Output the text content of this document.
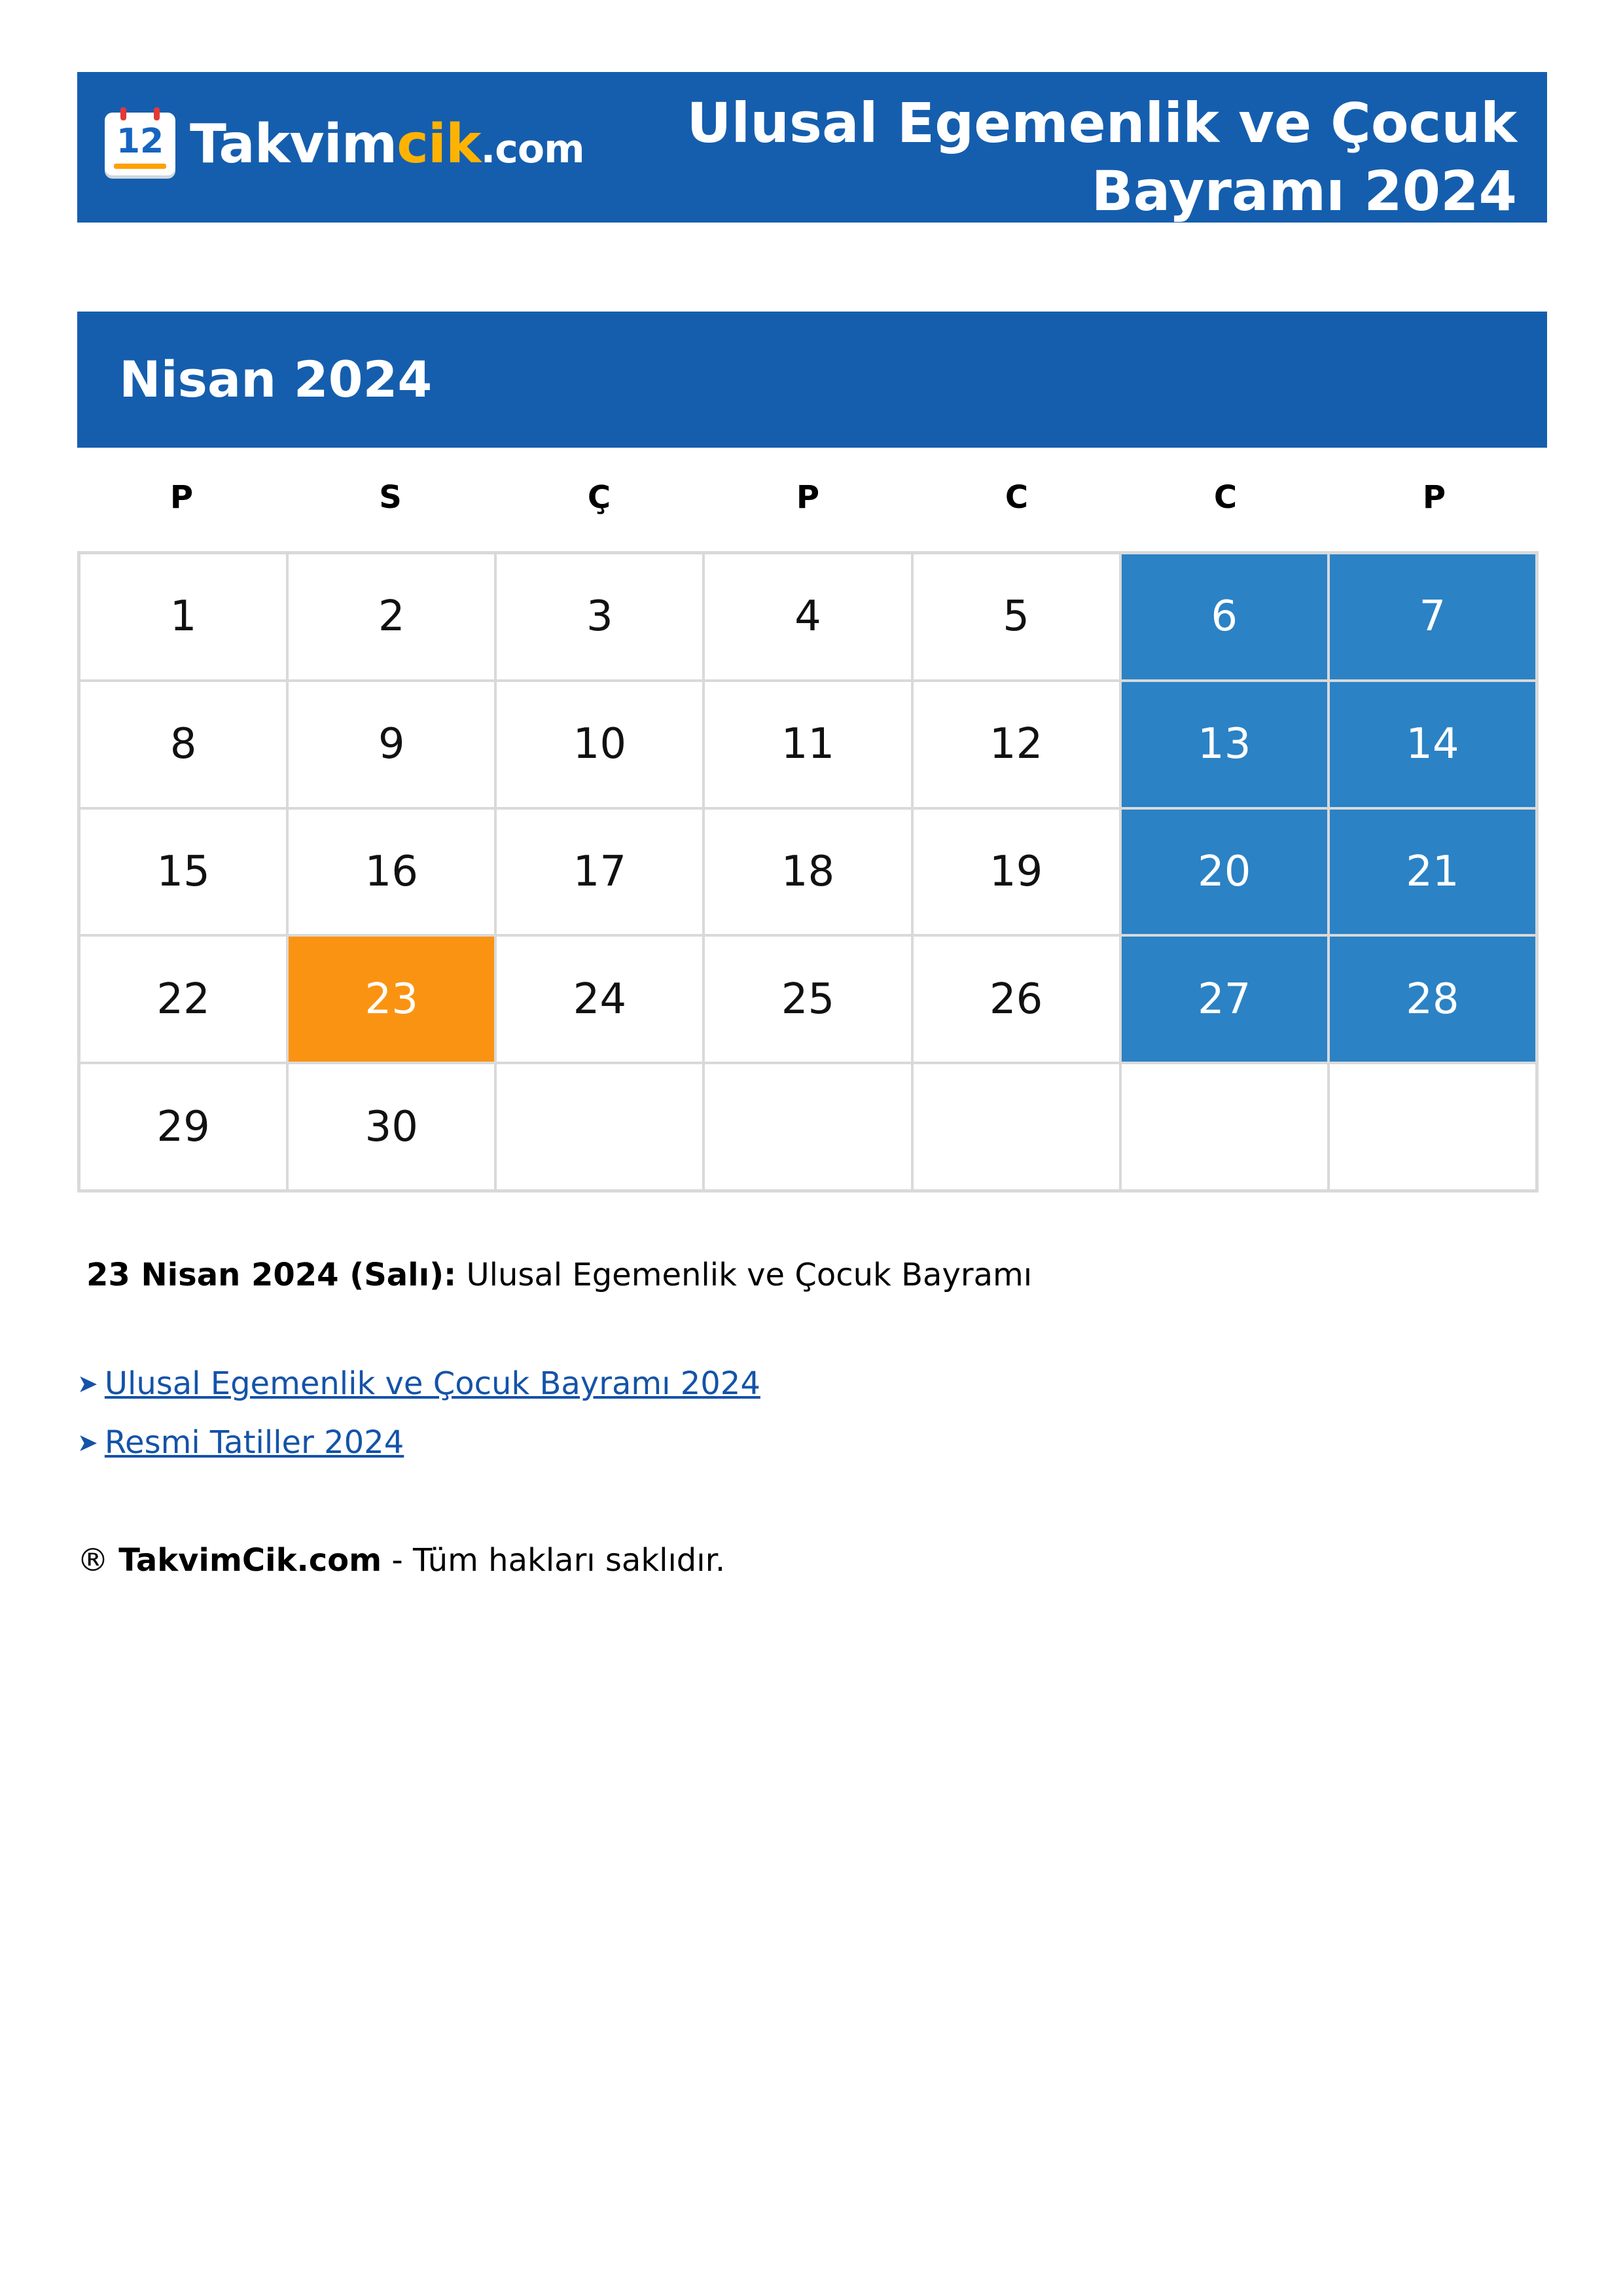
12 Takvimcik.com	Ulusal Egemenlik ve Çocuk
Bayramı 2024
Nisan 2024
P	S	Ç	P	C	C	P
1	2	3	4	5	6	7
8	9	10	11	12	13	14
15	16	17	18	19	20	21
22	23	24	25	26	27	28
29	30
23 Nisan 2024 (Salı): Ulusal Egemenlik ve Çocuk Bayramı
➤ Ulusal Egemenlik ve Çocuk Bayramı 2024
➤ Resmi Tatiller 2024
® TakvimCik.com - Tüm hakları saklıdır.
